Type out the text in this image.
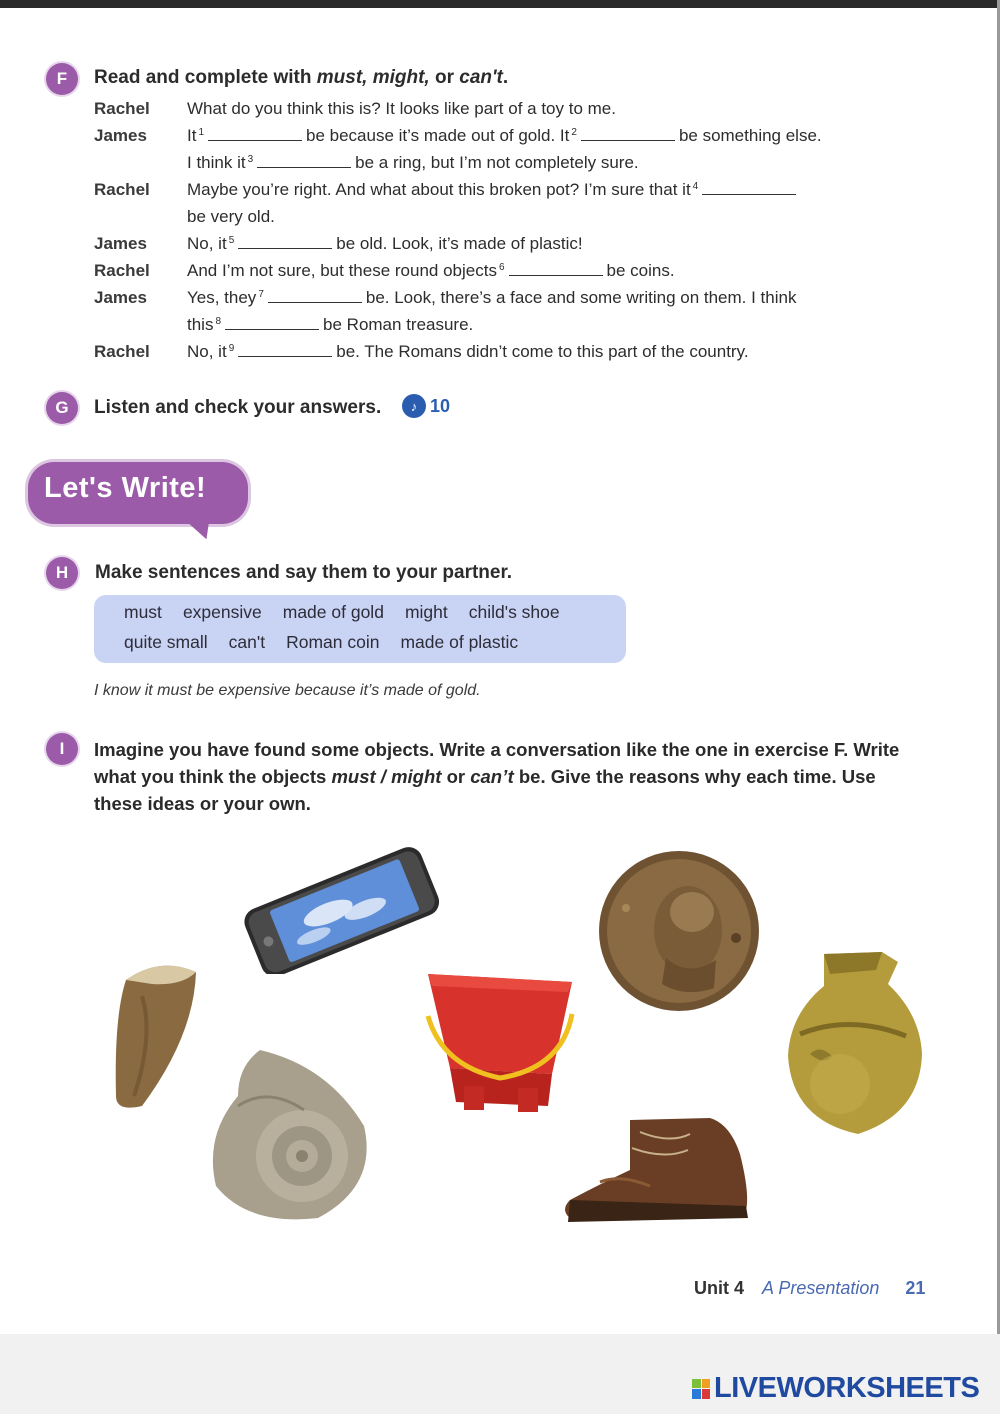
F	Read and complete with must, might, or can't.
Rachel	What do you think this is? It looks like part of a toy to me.
James	It $^1$	be because it’s made out of gold. It $^2$	be something else.
I think it $^3$	be a ring, but I’m not completely sure.
Rachel	Maybe you’re right. And what about this broken pot? I’m sure that it $^4$
be very old.
James	No, it $^5$	be old. Look, it’s made of plastic!
Rachel	And I’m not sure, but these round objects $^6$	be coins.
James	Yes, they $^7$	be. Look, there’s a face and some writing on them. I think
this $^8$	be Roman treasure.
Rachel	No, it $^9$	be. The Romans didn’t come to this part of the country.
G	Listen and check your answers.	♪ 10
Let's Write!
H	Make sentences and say them to your partner.
must expensive made of gold might child's shoe
quite small can't Roman coin made of plastic
I know it must be expensive because it’s made of gold.
I	Imagine you have found some objects. Write a conversation like the one in exercise F. Write what you think the objects must / might or can’t be. Give the reasons why each time. Use these ideas or your own.
Unit 4 A Presentation 21
LIVEWORKSHEETS
